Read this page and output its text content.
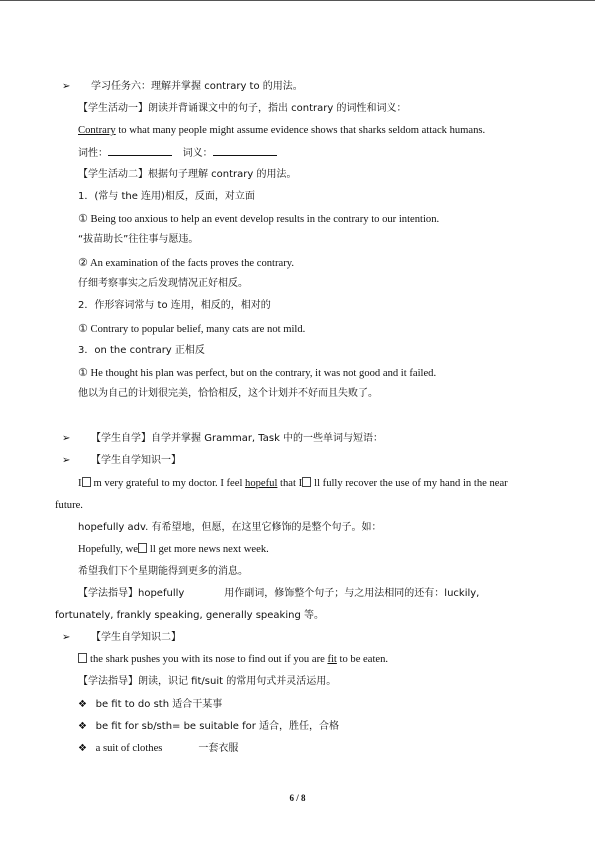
➢ 学习任务六：理解并掌握 contrary to 的用法。
【学生活动一】朗读并背诵课文中的句子，指出 contrary 的词性和词义：
Contrary to what many people might assume evidence shows that sharks seldom attack humans.
词性：	词义：
【学生活动二】根据句子理解 contrary 的用法。
1．(常与 the 连用)相反，反面，对立面
① Being too anxious to help an event develop results in the contrary to our intention.
“拔苗助长”往往事与愿违。
② An examination of the facts proves the contrary.
仔细考察事实之后发现情况正好相反。
2．作形容词常与 to 连用，相反的，相对的
① Contrary to popular belief, many cats are not mild.
3．on the contrary 正相反
① He thought his plan was perfect, but on the contrary, it was not good and it failed.
他以为自己的计划很完美，恰恰相反，这个计划并不好而且失败了。
➢ 【学生自学】自学并掌握 Grammar, Task 中的一些单词与短语：
➢ 【学生自学知识一】
I m very grateful to my doctor. I feel hopeful that I ll fully recover the use of my hand in the near
future.
hopefully adv. 有希望地，但愿，在这里它修饰的是整个句子。如：
Hopefully, we ll get more news next week.
希望我们下个星期能得到更多的消息。
【学法指导】hopefully	用作副词，修饰整个句子；与之用法相同的还有：luckily,
fortunately, frankly speaking, generally speaking 等。
➢ 【学生自学知识二】
the shark pushes you with its nose to find out if you are fit to be eaten.
【学法指导】朗读，识记 fit/suit 的常用句式并灵活运用。
❖ be fit to do sth 适合干某事
❖ be fit for sb/sth= be suitable for 适合，胜任，合格
❖ a suit of clothes	一套衣服
6 / 8
